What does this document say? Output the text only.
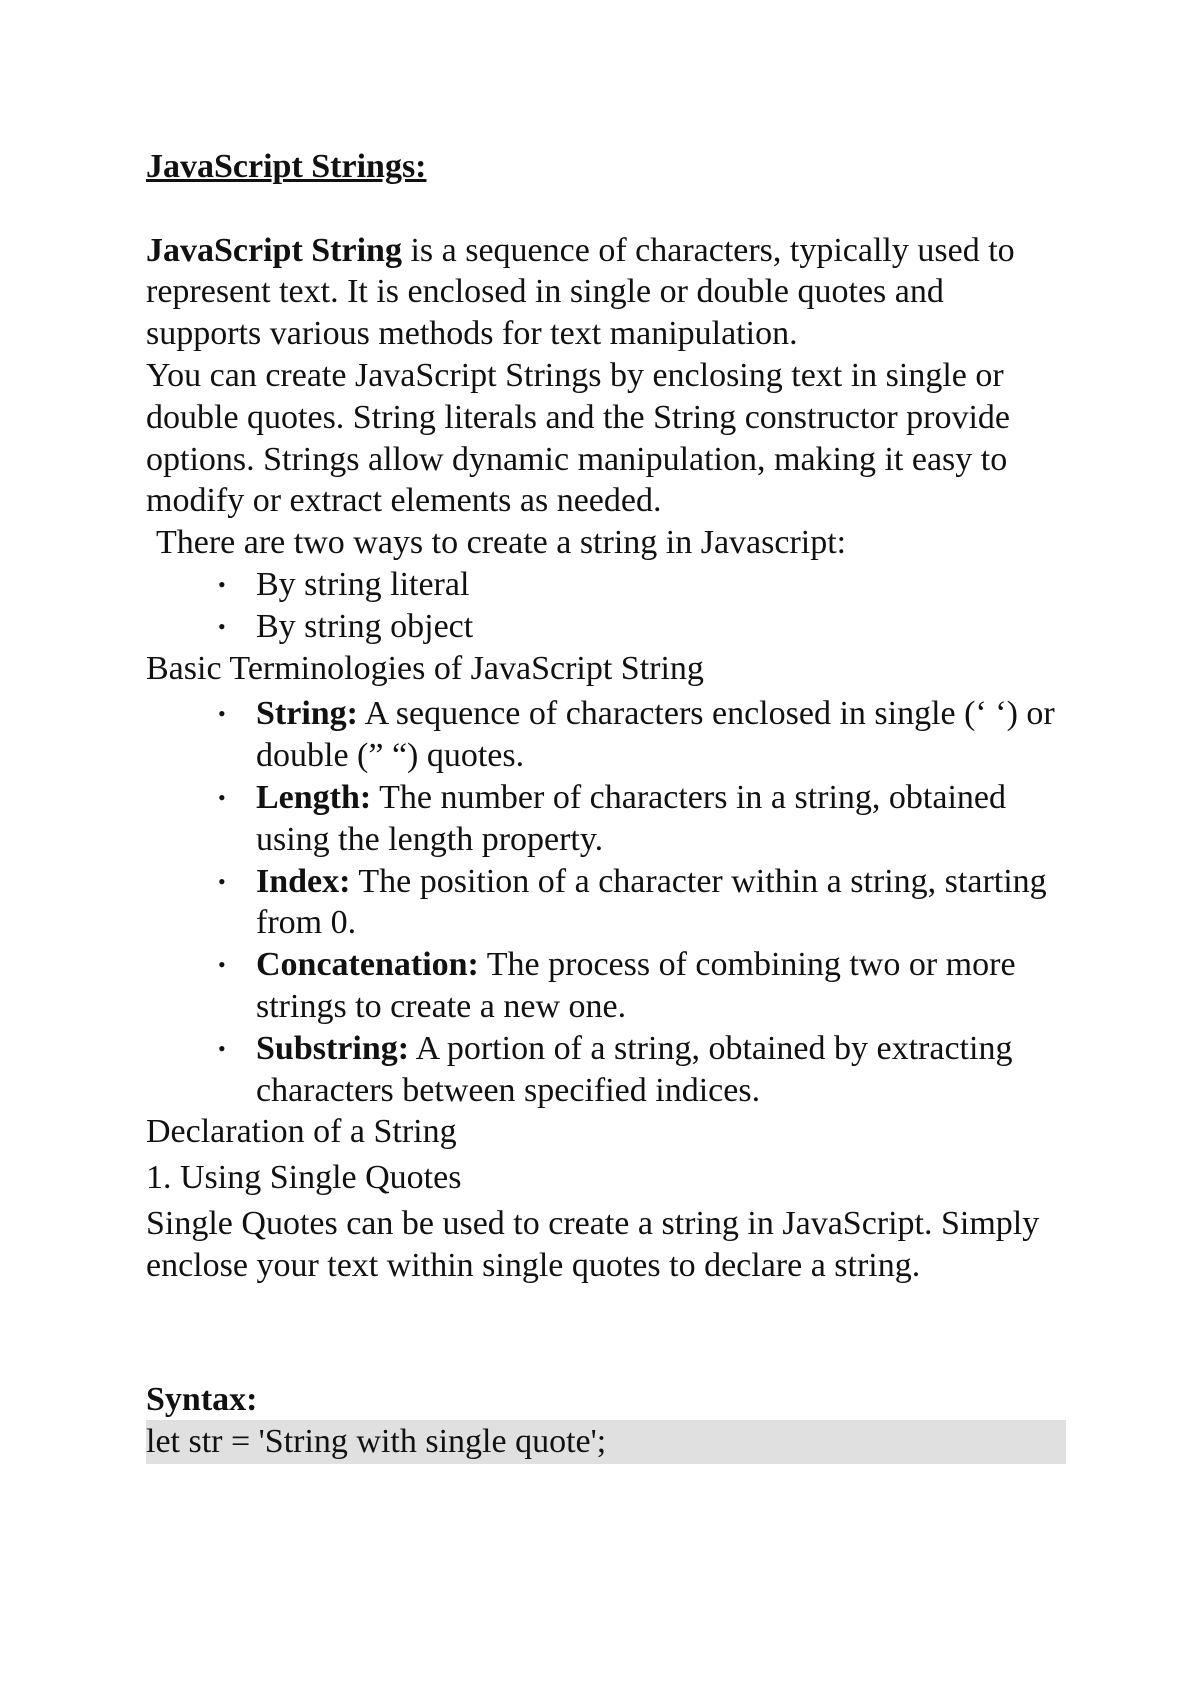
JavaScript Strings:

JavaScript String is a sequence of characters, typically used to represent text. It is enclosed in single or double quotes and supports various methods for text manipulation.

You can create JavaScript Strings by enclosing text in single or double quotes. String literals and the String constructor provide options. Strings allow dynamic manipulation, making it easy to modify or extract elements as needed.

There are two ways to create a string in Javascript:

• By string literal
• By string object

Basic Terminologies of JavaScript String

• String: A sequence of characters enclosed in single (‘ ‘) or double (” “) quotes.
• Length: The number of characters in a string, obtained using the length property.
• Index: The position of a character within a string, starting from 0.
• Concatenation: The process of combining two or more strings to create a new one.
• Substring: A portion of a string, obtained by extracting characters between specified indices.

Declaration of a String

1. Using Single Quotes

Single Quotes can be used to create a string in JavaScript. Simply enclose your text within single quotes to declare a string.

Syntax:

let str = 'String with single quote';
